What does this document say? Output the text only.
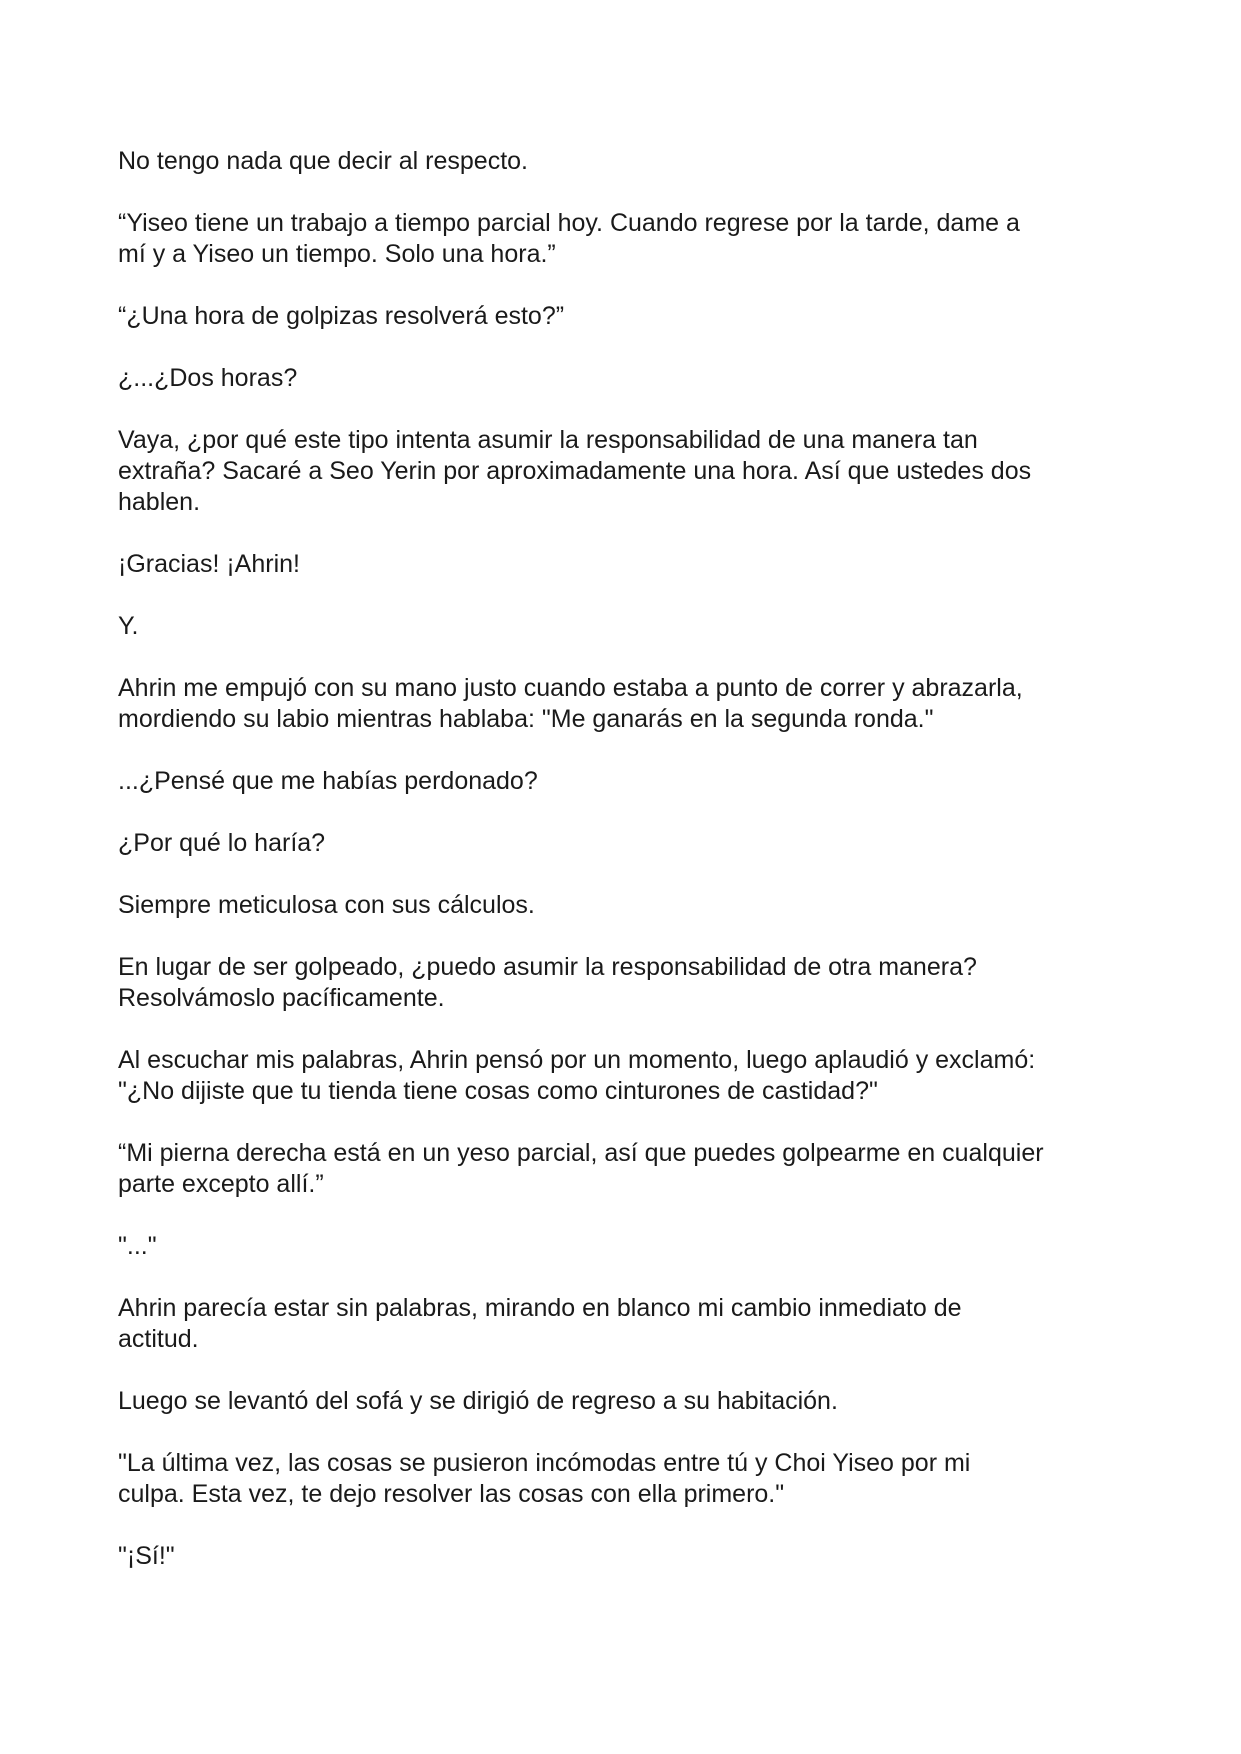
No tengo nada que decir al respecto.

“Yiseo tiene un trabajo a tiempo parcial hoy. Cuando regrese por la tarde, dame a
mí y a Yiseo un tiempo. Solo una hora.”

“¿Una hora de golpizas resolverá esto?”

¿...¿Dos horas?

Vaya, ¿por qué este tipo intenta asumir la responsabilidad de una manera tan
extraña? Sacaré a Seo Yerin por aproximadamente una hora. Así que ustedes dos
hablen.

¡Gracias! ¡Ahrin!

Y.

Ahrin me empujó con su mano justo cuando estaba a punto de correr y abrazarla,
mordiendo su labio mientras hablaba: "Me ganarás en la segunda ronda."

...¿Pensé que me habías perdonado?

¿Por qué lo haría?

Siempre meticulosa con sus cálculos.

En lugar de ser golpeado, ¿puedo asumir la responsabilidad de otra manera?
Resolvámoslo pacíficamente.

Al escuchar mis palabras, Ahrin pensó por un momento, luego aplaudió y exclamó:
"¿No dijiste que tu tienda tiene cosas como cinturones de castidad?"

“Mi pierna derecha está en un yeso parcial, así que puedes golpearme en cualquier
parte excepto allí.”

"..."

Ahrin parecía estar sin palabras, mirando en blanco mi cambio inmediato de
actitud.

Luego se levantó del sofá y se dirigió de regreso a su habitación.

"La última vez, las cosas se pusieron incómodas entre tú y Choi Yiseo por mi
culpa. Esta vez, te dejo resolver las cosas con ella primero."

"¡Sí!"
